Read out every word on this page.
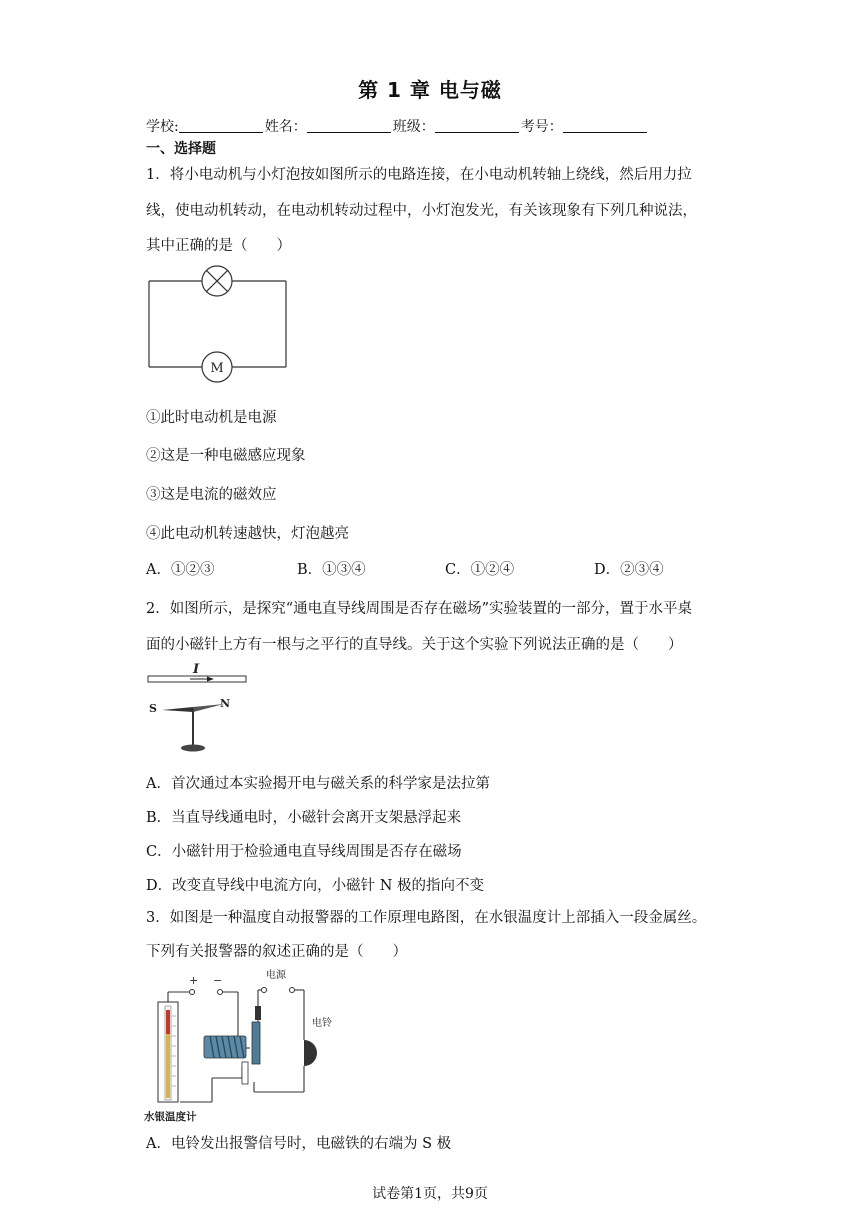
第 1 章 电与磁
学校:	姓名：	班级：	考号：
一、选择题
1．将小电动机与小灯泡按如图所示的电路连接，在小电动机转轴上绕线，然后用力拉
线，使电动机转动，在电动机转动过程中，小灯泡发光，有关该现象有下列几种说法，
其中正确的是（　　）
M
①此时电动机是电源
②这是一种电磁感应现象
③这是电流的磁效应
④此电动机转速越快，灯泡越亮
A．①②③	B．①③④	C．①②④	D．②③④
2．如图所示，是探究“通电直导线周围是否存在磁场”实验装置的一部分，置于水平桌
面的小磁针上方有一根与之平行的直导线。关于这个实验下列说法正确的是（　　）
I
S	N
A．首次通过本实验揭开电与磁关系的科学家是法拉第
B．当直导线通电时，小磁针会离开支架悬浮起来
C．小磁针用于检验通电直导线周围是否存在磁场
D．改变直导线中电流方向，小磁针 N 极的指向不变
3．如图是一种温度自动报警器的工作原理电路图，在水银温度计上部插入一段金属丝。
下列有关报警器的叙述正确的是（　　）
+ −	电源
电铃
水银温度计
A．电铃发出报警信号时，电磁铁的右端为 S 极
试卷第1页，共9页
